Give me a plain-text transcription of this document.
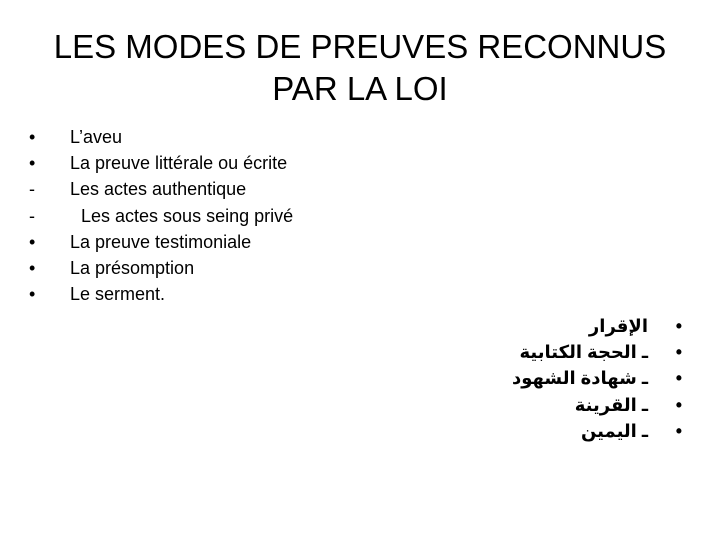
LES MODES DE PREUVES RECONNUS
PAR LA LOI
• L’aveu
• La preuve littérale ou écrite
- Les actes authentique
-	Les actes sous seing privé
• La preuve testimoniale
• La présomption
• Le serment.
•
الإقرار
•
ـ الحجة الكتابية
•
ـ شهادة الشهود
•
ـ القرينة
•
ـ اليمين
